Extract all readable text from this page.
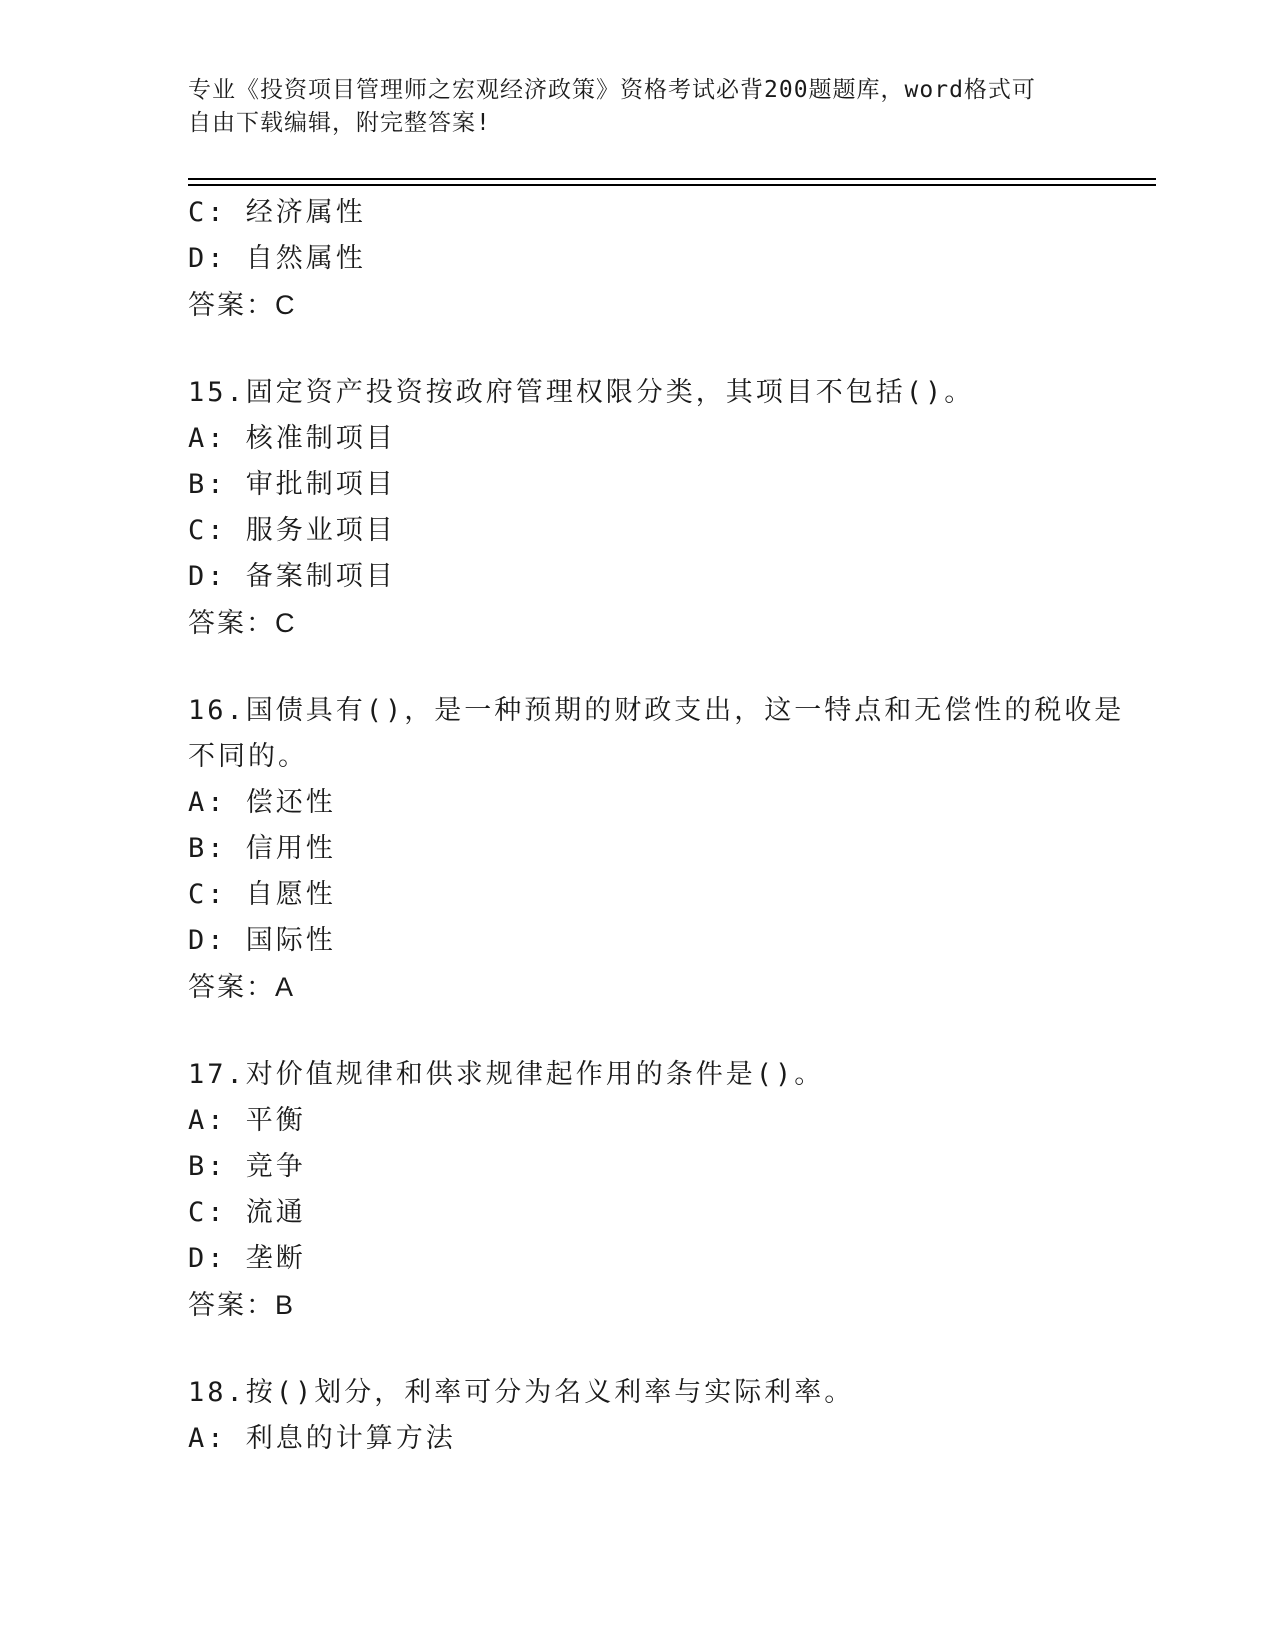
专业《投资项目管理师之宏观经济政策》资格考试必背200题题库，word格式可
自由下载编辑，附完整答案!
C: 经济属性
D: 自然属性
答案：C
15.固定资产投资按政府管理权限分类，其项目不包括()。
A: 核准制项目
B: 审批制项目
C: 服务业项目
D: 备案制项目
答案：C
16.国债具有()，是一种预期的财政支出，这一特点和无偿性的税收是
不同的。
A: 偿还性
B: 信用性
C: 自愿性
D: 国际性
答案：A
17.对价值规律和供求规律起作用的条件是()。
A: 平衡
B: 竞争
C: 流通
D: 垄断
答案：B
18.按()划分，利率可分为名义利率与实际利率。
A: 利息的计算方法
